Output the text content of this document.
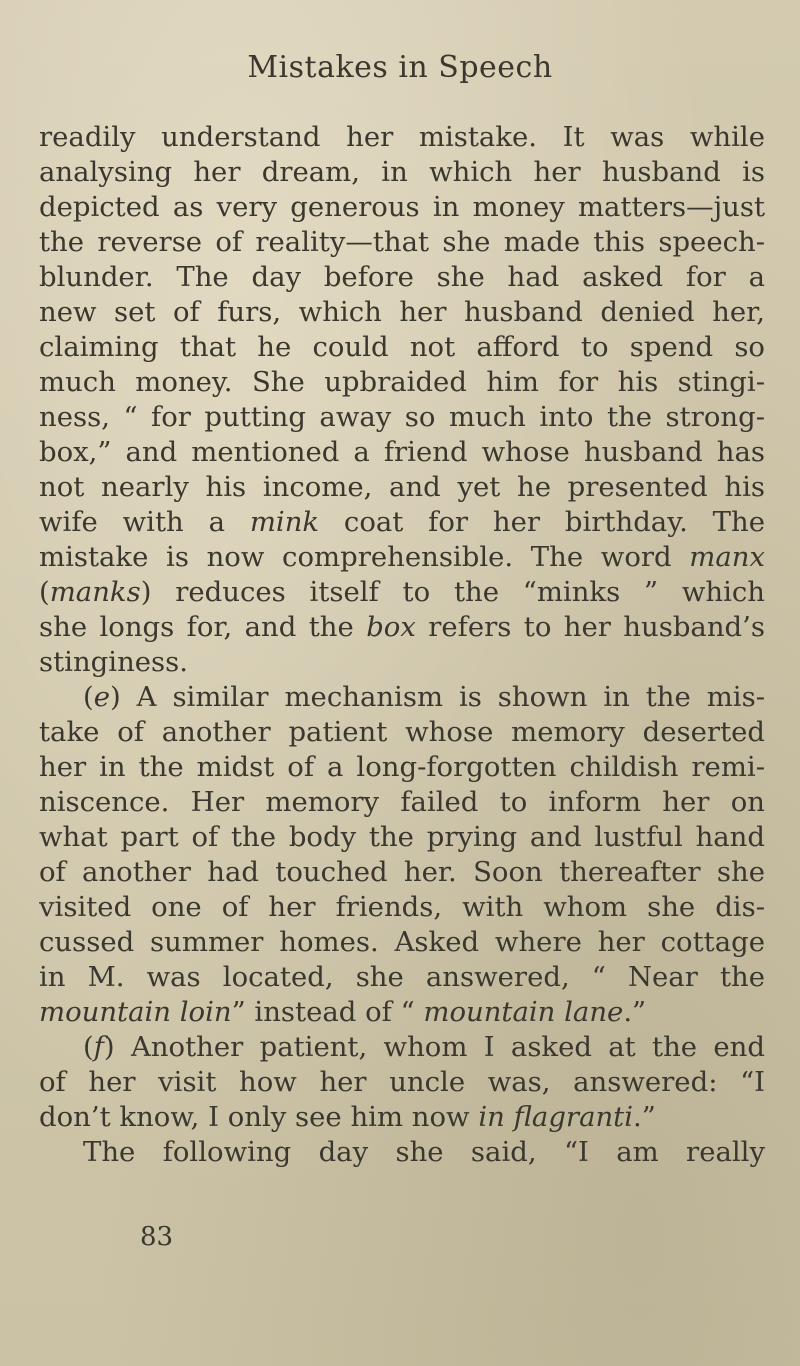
Mistakes in Speech
readily understand her mistake. It was while
analysing her dream, in which her husband is
depicted as very generous in money matters—just
the reverse of reality—that she made this speech-
blunder. The day before she had asked for a
new set of furs, which her husband denied her,
claiming that he could not afford to spend so
much money. She upbraided him for his stingi-
ness, “ for putting away so much into the strong-
box,” and mentioned a friend whose husband has
not nearly his income, and yet he presented his
wife with a mink coat for her birthday. The
mistake is now comprehensible. The word manx
(manks) reduces itself to the “minks ” which
she longs for, and the box refers to her husband’s
stinginess.
(e) A similar mechanism is shown in the mis-
take of another patient whose memory deserted
her in the midst of a long-forgotten childish remi-
niscence. Her memory failed to inform her on
what part of the body the prying and lustful hand
of another had touched her. Soon thereafter she
visited one of her friends, with whom she dis-
cussed summer homes. Asked where her cottage
in M. was located, she answered, “ Near the
mountain loin” instead of “ mountain lane.”
(f) Another patient, whom I asked at the end
of her visit how her uncle was, answered: “I
don’t know, I only see him now in flagranti.”
The following day she said, “I am really
83
